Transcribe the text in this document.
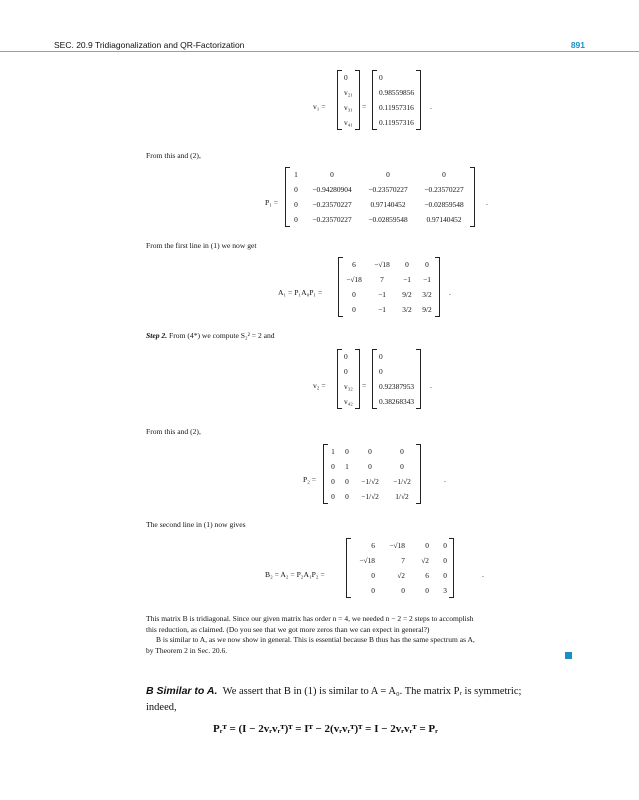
SEC. 20.9 Tridiagonalization and QR-Factorization	891
v₁ =
0
v₂₁
v₃₁
v₄₁
=
0
0.98559856
0.11957316
0.11957316
.
From this and (2),
P₁ =
1	0	0	0
0	−0.94280904	−0.23570227	−0.23570227
0	−0.23570227	0.97140452	−0.02859548
0	−0.23570227	−0.02859548	0.97140452
.
From the first line in (1) we now get
A₁ = P₁A₀P₁ =
6	−√18	0	0
−√18	7	−1	−1
0	−1	9/2	3/2
0	−1	3/2	9/2
.
Step 2. From (4*) we compute S₂² = 2 and
v₂ =
0
0
v₃₂
v₄₂
=
0
0
0.92387953
0.38268343
.
From this and (2),
P₂ =
1	0	0	0
0	1	0	0
0	0	−1/√2	−1/√2
0	0	−1/√2	1/√2
.
The second line in (1) now gives
B₂ = A₂ = P₂A₁P₂ =
6	−√18	0	0
−√18	7	√2	0
0	√2	6	0
0	0	0	3
.
This matrix B is tridiagonal. Since our given matrix has order n = 4, we needed n − 2 = 2 steps to accomplish
this reduction, as claimed. (Do you see that we got more zeros than we can expect in general?)
B is similar to A, as we now show in general. This is essential because B thus has the same spectrum as A,
by Theorem 2 in Sec. 20.6.
B Similar to A. We assert that B in (1) is similar to A = A₀. The matrix Pᵣ is symmetric;
indeed,
Pᵣᵀ = (I − 2vᵣvᵣᵀ)ᵀ = Iᵀ − 2(vᵣvᵣᵀ)ᵀ = I − 2vᵣvᵣᵀ = Pᵣ
